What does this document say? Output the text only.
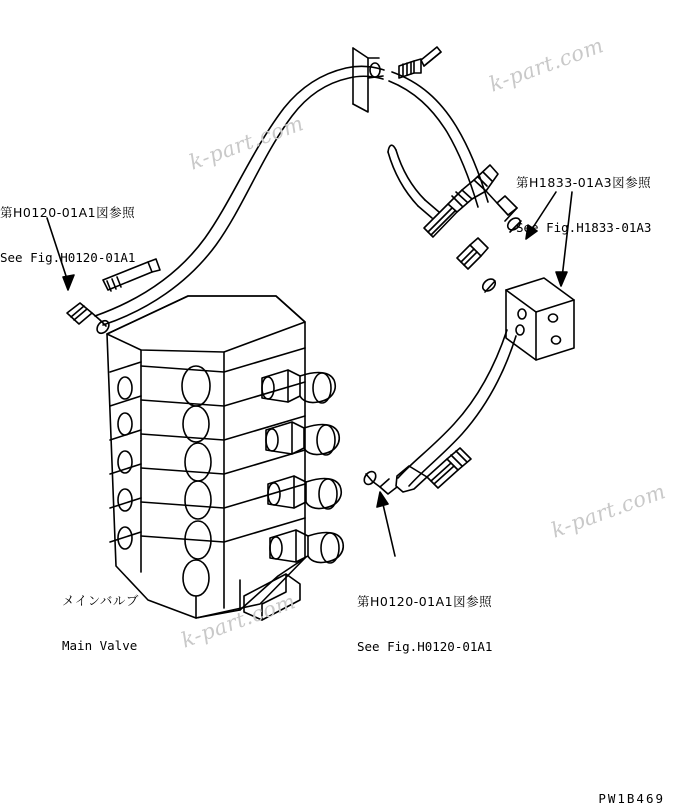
k-part.com
k-part.com
k-part.com
k-part.com

第H0120-01A1図参照

See Fig.H0120-01A1

第H1833-01A3図参照

See Fig.H1833-01A3

第H0120-01A1図参照

See Fig.H0120-01A1

メインバルブ

Main Valve

PW1B469
